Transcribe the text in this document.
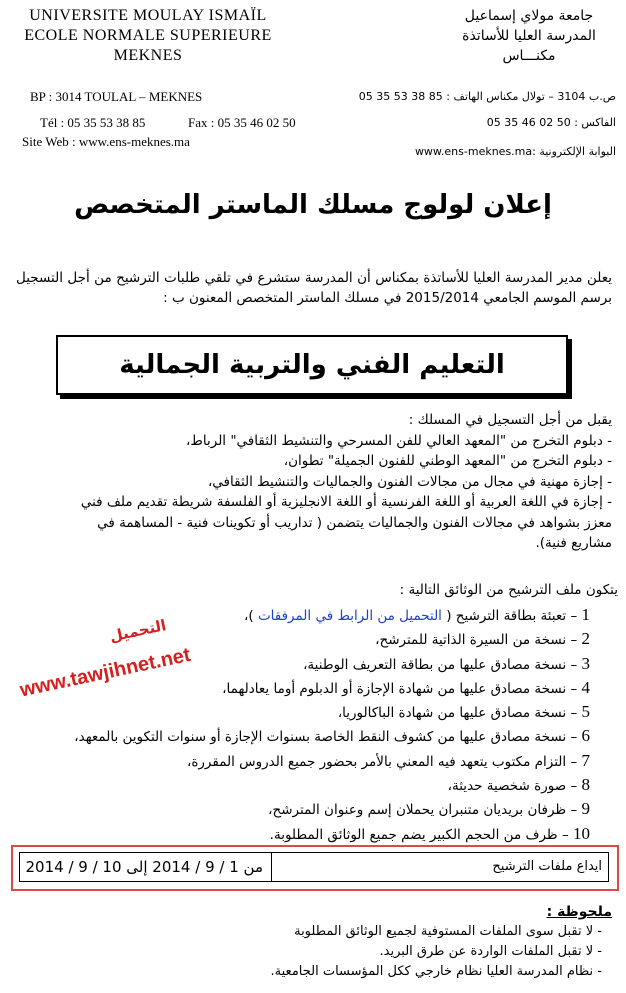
UNIVERSITE MOULAY ISMAÏL
ECOLE NORMALE SUPERIEURE
MEKNES
جامعة مولاي إسماعيل
المدرسة العليا للأساتذة
مكنـــاس
BP : 3014 TOULAL – MEKNES
Tél : 05 35 53 38 85	Fax : 05 35 46 02 50
Site Web : www.ens-meknes.ma
ص.ب 3104 – تولال مكناس الهاتف : 85 38 53 35 05
الفاكس : 50 02 46 35 05
البوابة الإلكترونية :www.ens-meknes.ma
إعلان لولوج مسلك الماستر المتخصص
يعلن مدير المدرسة العليا للأساتذة بمكناس أن المدرسة ستشرع في تلقي طلبات الترشيح من أجل التسجيل برسم الموسم الجامعي 2015/2014 في مسلك الماستر المتخصص المعنون ب :
التعليم الفني والتربية الجمالية
يقبل من أجل التسجيل في المسلك :
- دبلوم التخرج من "المعهد العالي للفن المسرحي والتنشيط الثقافي" الرباط،
- دبلوم التخرج من "المعهد الوطني للفنون الجميلة" تطوان،
- إجازة مهنية في مجال من مجالات الفنون والجماليات والتنشيط الثقافي،
- إجازة في اللغة العربية أو اللغة الفرنسية أو اللغة الانجليزية أو الفلسفة شريطة تقديم ملف فني
معزز بشواهد في مجالات الفنون والجماليات يتضمن ( تداريب أو تكوينات فنية - المساهمة في
مشاريع فنية).
يتكون ملف الترشيح من الوثائق التالية :
1 – تعبئة بطاقة الترشيح ( التحميل من الرابط في المرفقات )،
2 – نسخة من السيرة الذاتية للمترشح،
3 – نسخة مصادق عليها من بطاقة التعريف الوطنية،
4 – نسخة مصادق عليها من شهادة الإجازة أو الدبلوم أوما يعادلهما،
5 – نسخة مصادق عليها من شهادة الباكالوريا،
6 – نسخة مصادق عليها من كشوف النقط الخاصة بسنوات الإجازة أو سنوات التكوين بالمعهد،
7 – التزام مكتوب يتعهد فيه المعني بالأمر بحضور جميع الدروس المقررة،
8 – صورة شخصية حديثة،
9 – ظرفان بريديان متنبران يحملان إسم وعنوان المترشح،
10 – ظرف من الحجم الكبير يضم جميع الوثائق المطلوبة.
التحميل
www.tawjihnet.net
ايداع ملفات الترشيح
من 1 / 9 / 2014 إلى 10 / 9 / 2014
ملحوظة :
- لا تقبل سوى الملفات المستوفية لجميع الوثائق المطلوبة
- لا تقبل الملفات الواردة عن طرق البريد.
- نظام المدرسة العليا نظام خارجي ككل المؤسسات الجامعية.
